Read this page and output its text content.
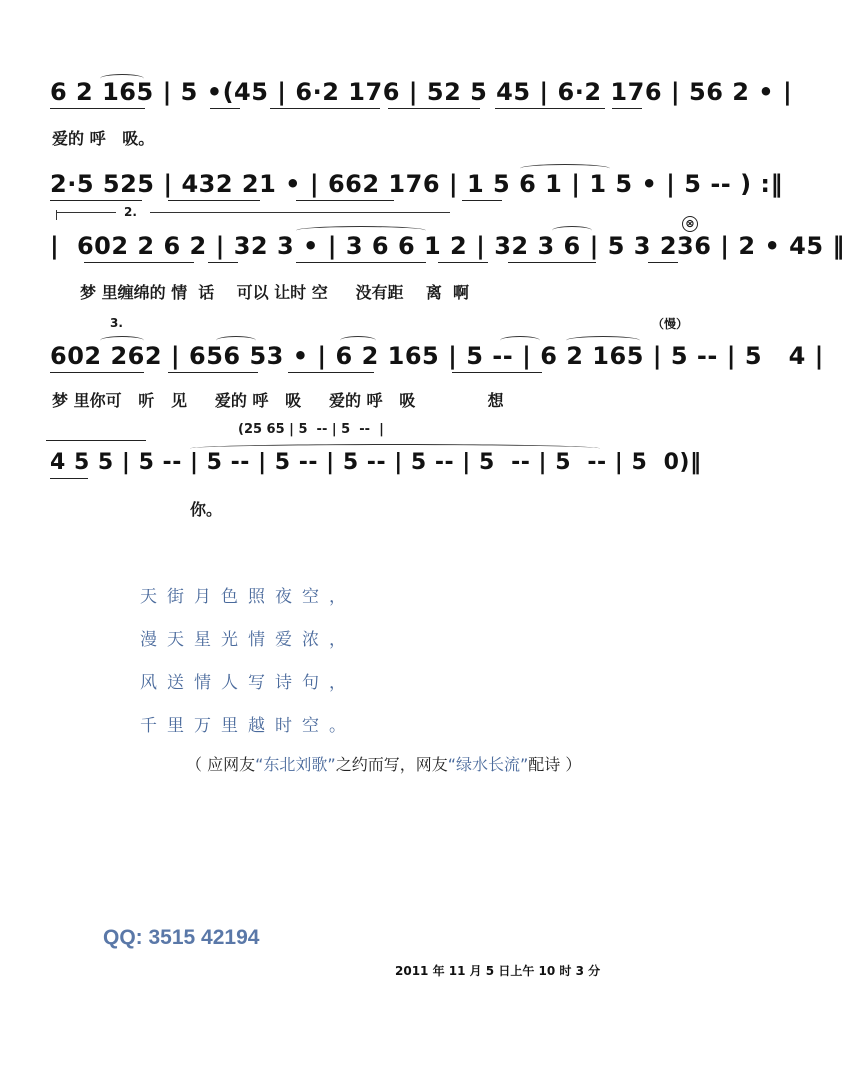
6 2 165 | 5 •(45 | 6·2 176 | 52 5 45 | 6·2 176 | 56 2 • |
爱的 呼   吸。
2·5 525 | 432 21 • | 662 176 | 1 5 6 1 | 1 5 • | 5 -- ) :‖
2.
|  602 2 6 2 | 32 3 • | 3 6 6 1 2 | 32 3 6 | 5 3 236 | 2 • 45 ‖
梦 里缠绵的 情  话    可以 让时 空     没有距    离  啊
⊗
3.	（慢）
602 262 | 656 53 • | 6 2 165 | 5 -- | 6 2 165 | 5 -- | 5   4 |
梦 里你可   听   见     爱的 呼   吸     爱的 呼   吸             想
(25 65 | 5  -- | 5  --  |
4 5 5 | 5 -- | 5 -- | 5 -- | 5 -- | 5 -- | 5  -- | 5  -- | 5  0)‖
你。
天街月色照夜空，
漫天星光情爱浓，
风送情人写诗句，
千里万里越时空。
（ 应网友“东北刘歌”之约而写，网友“绿水长流”配诗 ）
QQ: 3515 42194
2011 年 11 月 5 日上午 10 时 3 分
